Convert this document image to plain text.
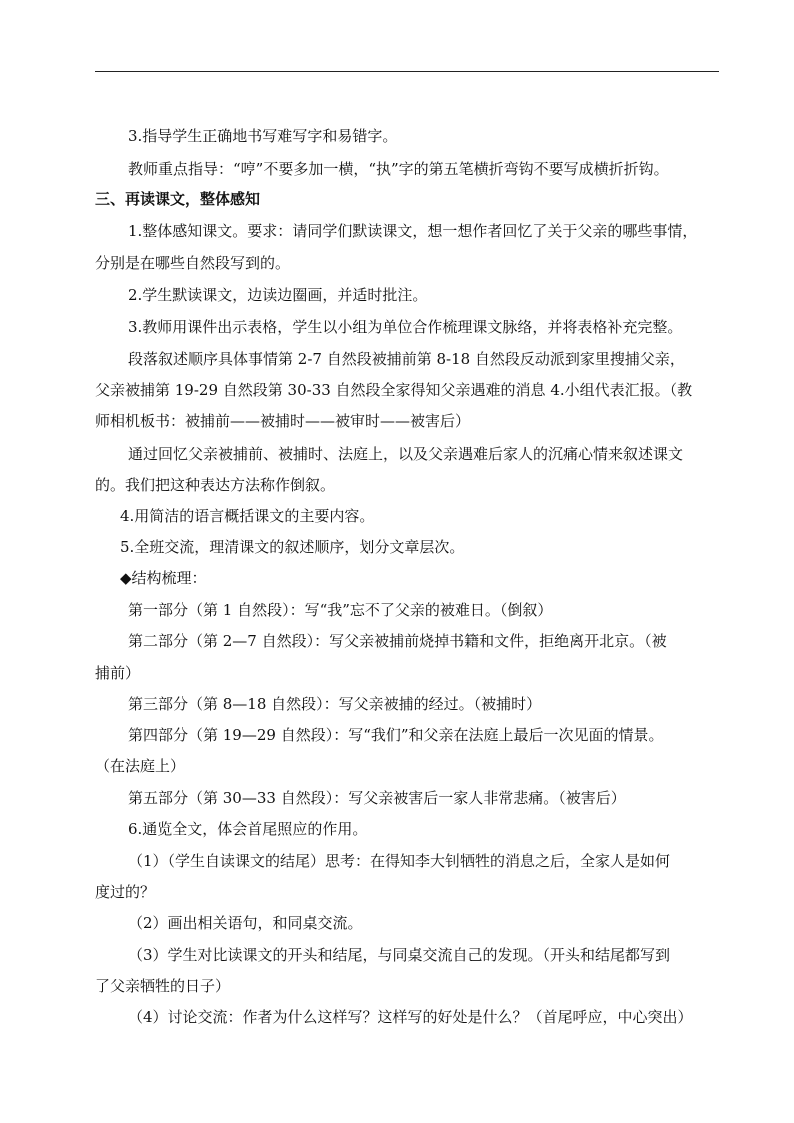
3.指导学生正确地书写难写字和易错字。
教师重点指导：“哼”不要多加一横，“执”字的第五笔横折弯钩不要写成横折折钩。
三、再读课文，整体感知
1.整体感知课文。要求：请同学们默读课文，想一想作者回忆了关于父亲的哪些事情，
分别是在哪些自然段写到的。
2.学生默读课文，边读边圈画，并适时批注。
3.教师用课件出示表格，学生以小组为单位合作梳理课文脉络，并将表格补充完整。
段落叙述顺序具体事情第 2-7 自然段被捕前第 8-18 自然段反动派到家里搜捕父亲，
父亲被捕第 19-29 自然段第 30-33 自然段全家得知父亲遇难的消息 4.小组代表汇报。（教
师相机板书：被捕前——被捕时——被审时——被害后）
通过回忆父亲被捕前、被捕时、法庭上，以及父亲遇难后家人的沉痛心情来叙述课文
的。我们把这种表达方法称作倒叙。
4.用简洁的语言概括课文的主要内容。
5.全班交流，理清课文的叙述顺序，划分文章层次。
◆结构梳理：
第一部分（第 1 自然段）：写“我”忘不了父亲的被难日。（倒叙）
第二部分（第 2—7 自然段）：写父亲被捕前烧掉书籍和文件，拒绝离开北京。（被
捕前）
第三部分（第 8—18 自然段）：写父亲被捕的经过。（被捕时）
第四部分（第 19—29 自然段）：写“我们”和父亲在法庭上最后一次见面的情景。
（在法庭上）
第五部分（第 30—33 自然段）：写父亲被害后一家人非常悲痛。（被害后）
6.通览全文，体会首尾照应的作用。
（1）（学生自读课文的结尾）思考：在得知李大钊牺牲的消息之后，全家人是如何
度过的？
（2）画出相关语句，和同桌交流。
（3）学生对比读课文的开头和结尾，与同桌交流自己的发现。（开头和结尾都写到
了父亲牺牲的日子）
（4）讨论交流：作者为什么这样写？这样写的好处是什么？（首尾呼应，中心突出）
